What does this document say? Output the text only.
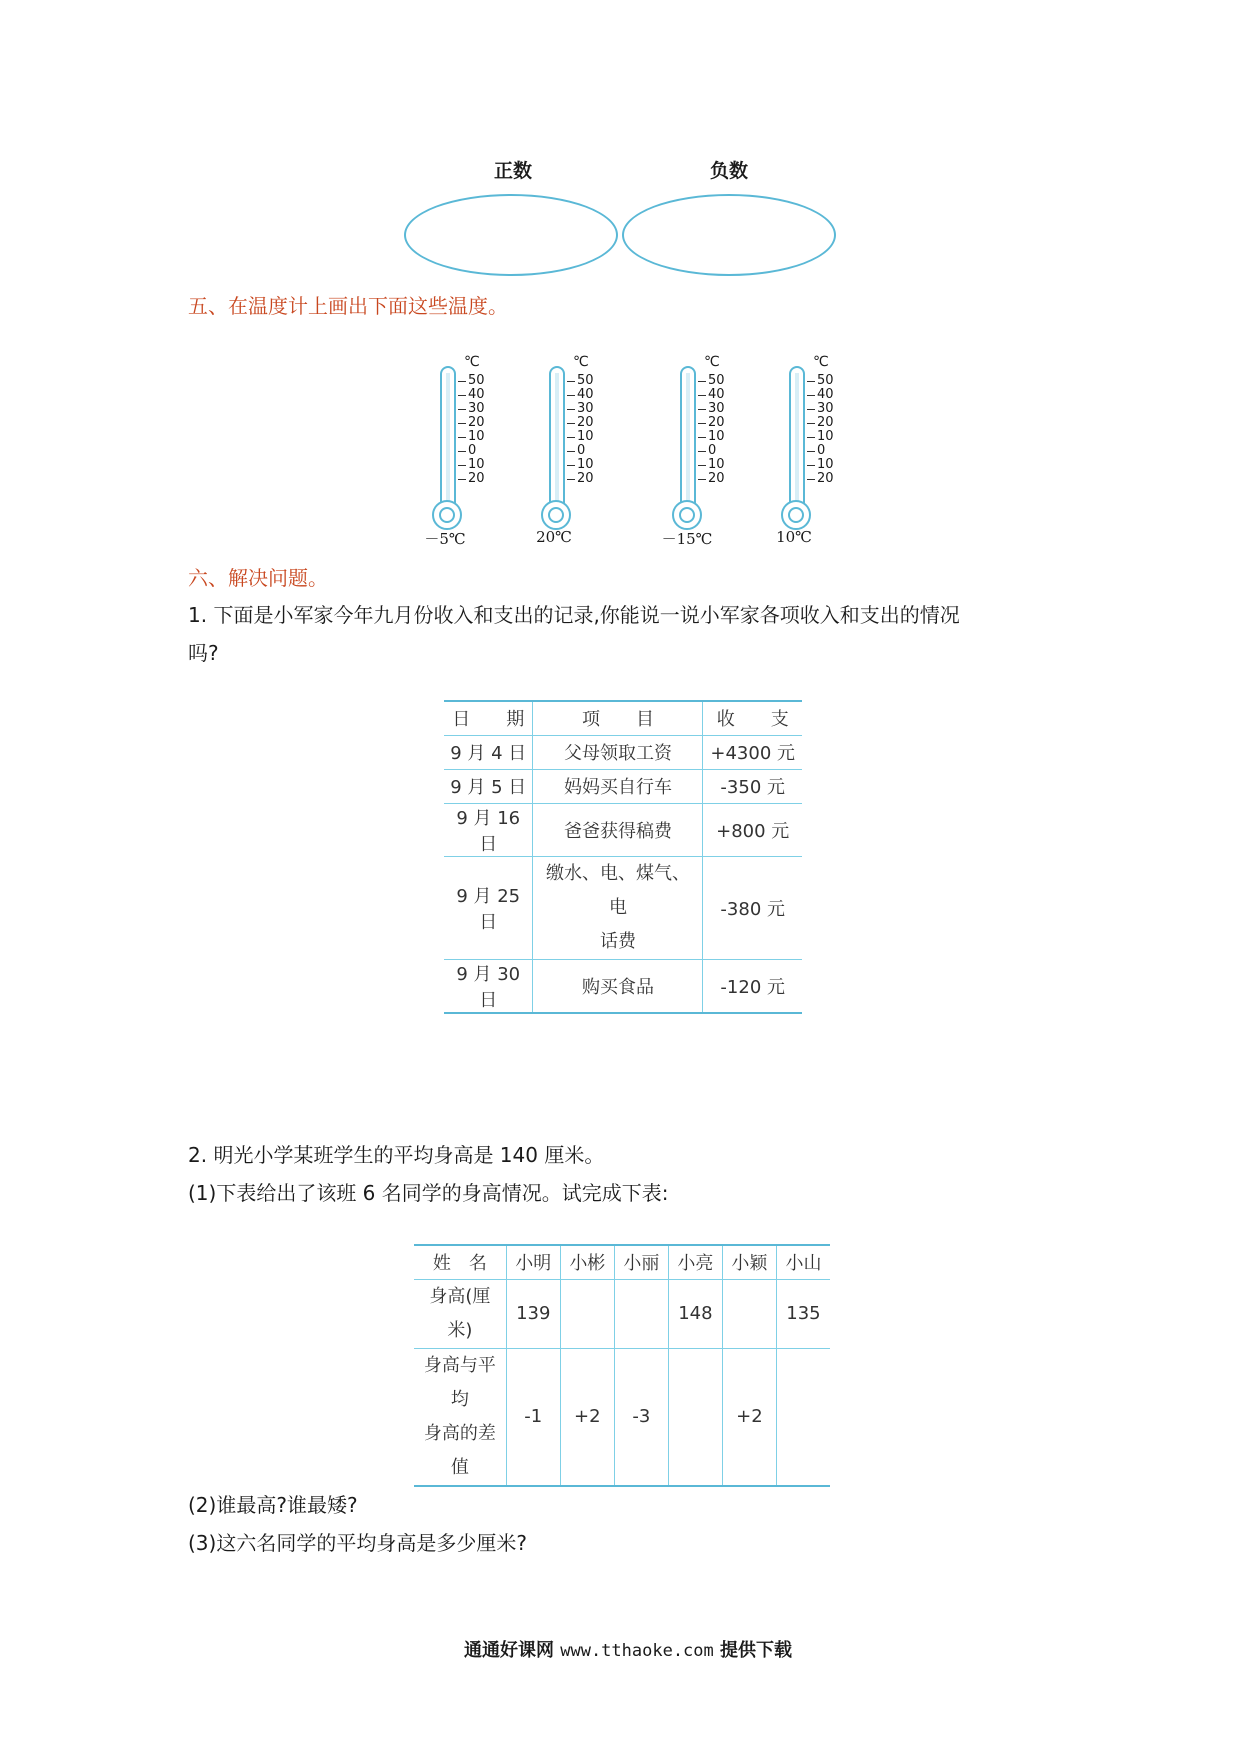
正数	负数
五、在温度计上画出下面这些温度。
℃
50
40
30
20
10
0
10
20
－5℃
℃
50
40
30
20
10
0
10
20
20℃
℃
50
40
30
20
10
0
10
20
－15℃
℃
50
40
30
20
10
0
10
20
10℃
六、解决问题。
1. 下面是小军家今年九月份收入和支出的记录,你能说一说小军家各项收入和支出的情况
吗?
日　　期	项　　目	收　　支
9 月 4 日	父母领取工资	+4300 元
9 月 5 日	妈妈买自行车	-350 元
9 月 16 日	爸爸获得稿费	+800 元
9 月 25 日	缴水、电、煤气、电
话费	-380 元
9 月 30 日	购买食品	-120 元
2. 明光小学某班学生的平均身高是 140 厘米。
(1)下表给出了该班 6 名同学的身高情况。试完成下表:
姓　名	小明	小彬	小丽	小亮	小颖	小山

身高(厘
米)	139			148		135

身高与平
均
身高的差
值	-1	+2	-3		+2	
(2)谁最高?谁最矮?
(3)这六名同学的平均身高是多少厘米?
通通好课网 www.tthaoke.com 提供下载
